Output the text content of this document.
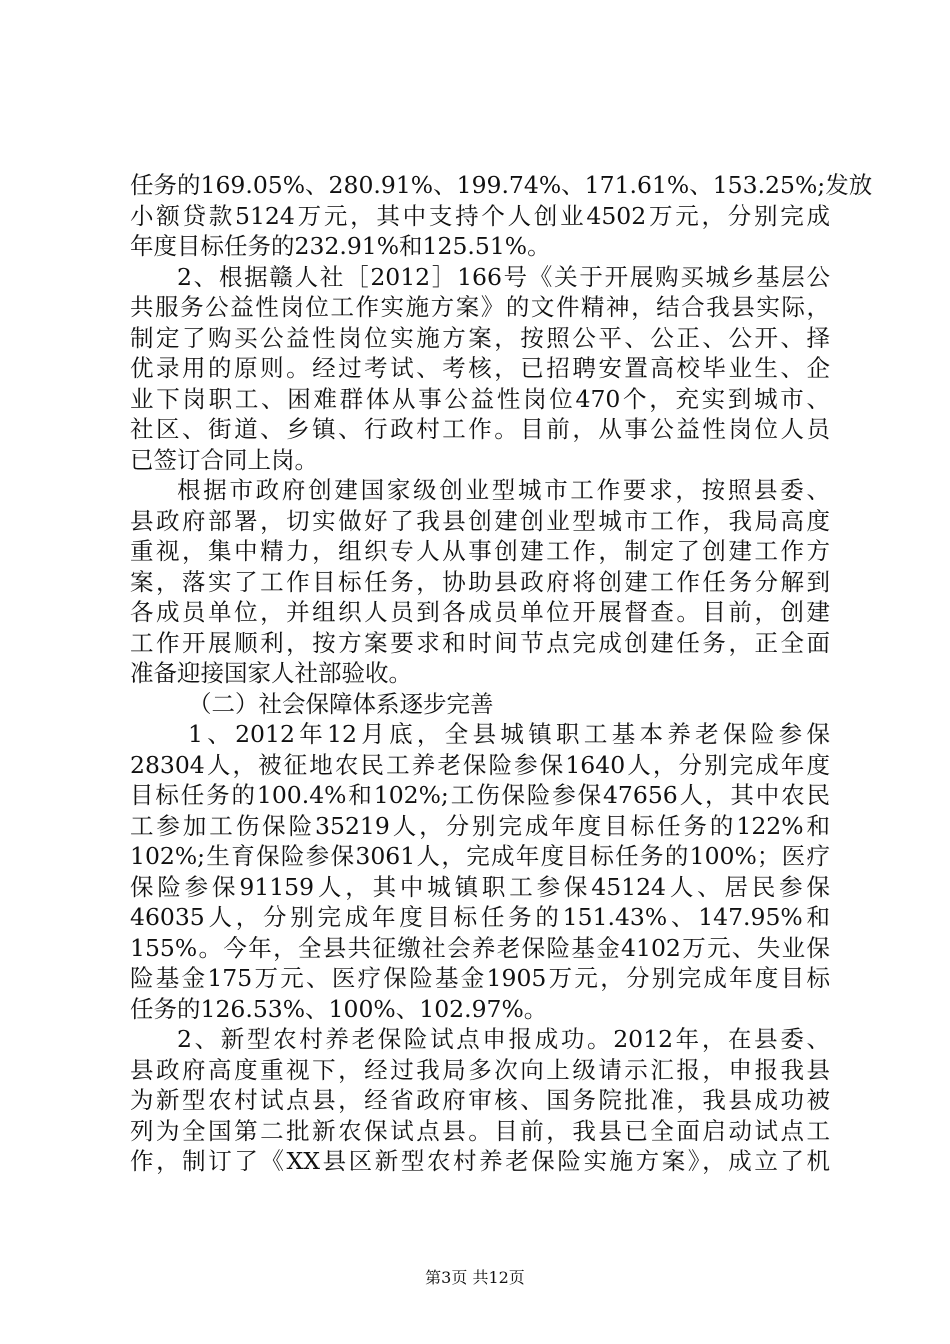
任务的169.05%、280.91%、199.74%、171.61%、153.25%;发放
小额贷款5124万元，其中支持个人创业4502万元，分别完成
年度目标任务的232.91%和125.51%。
2、根据赣人社［2012］166号《关于开展购买城乡基层公
共服务公益性岗位工作实施方案》的文件精神，结合我县实际，
制定了购买公益性岗位实施方案，按照公平、公正、公开、择
优录用的原则。经过考试、考核，已招聘安置高校毕业生、企
业下岗职工、困难群体从事公益性岗位470个，充实到城市、
社区、街道、乡镇、行政村工作。目前，从事公益性岗位人员
已签订合同上岗。
根据市政府创建国家级创业型城市工作要求，按照县委、
县政府部署，切实做好了我县创建创业型城市工作，我局高度
重视，集中精力，组织专人从事创建工作，制定了创建工作方
案，落实了工作目标任务，协助县政府将创建工作任务分解到
各成员单位，并组织人员到各成员单位开展督查。目前，创建
工作开展顺利，按方案要求和时间节点完成创建任务，正全面
准备迎接国家人社部验收。
（二）社会保障体系逐步完善
1、2012年12月底，全县城镇职工基本养老保险参保
28304人，被征地农民工养老保险参保1640人，分别完成年度
目标任务的100.4%和102%;工伤保险参保47656人，其中农民
工参加工伤保险35219人，分别完成年度目标任务的122%和
102%;生育保险参保3061人，完成年度目标任务的100%；医疗
保险参保91159人，其中城镇职工参保45124人、居民参保
46035人，分别完成年度目标任务的151.43%、147.95%和
155%。今年，全县共征缴社会养老保险基金4102万元、失业保
险基金175万元、医疗保险基金1905万元，分别完成年度目标
任务的126.53%、100%、102.97%。
2、新型农村养老保险试点申报成功。2012年，在县委、
县政府高度重视下，经过我局多次向上级请示汇报，申报我县
为新型农村试点县，经省政府审核、国务院批准，我县成功被
列为全国第二批新农保试点县。目前，我县已全面启动试点工
作，制订了《XX县区新型农村养老保险实施方案》，成立了机
第3页 共12页
